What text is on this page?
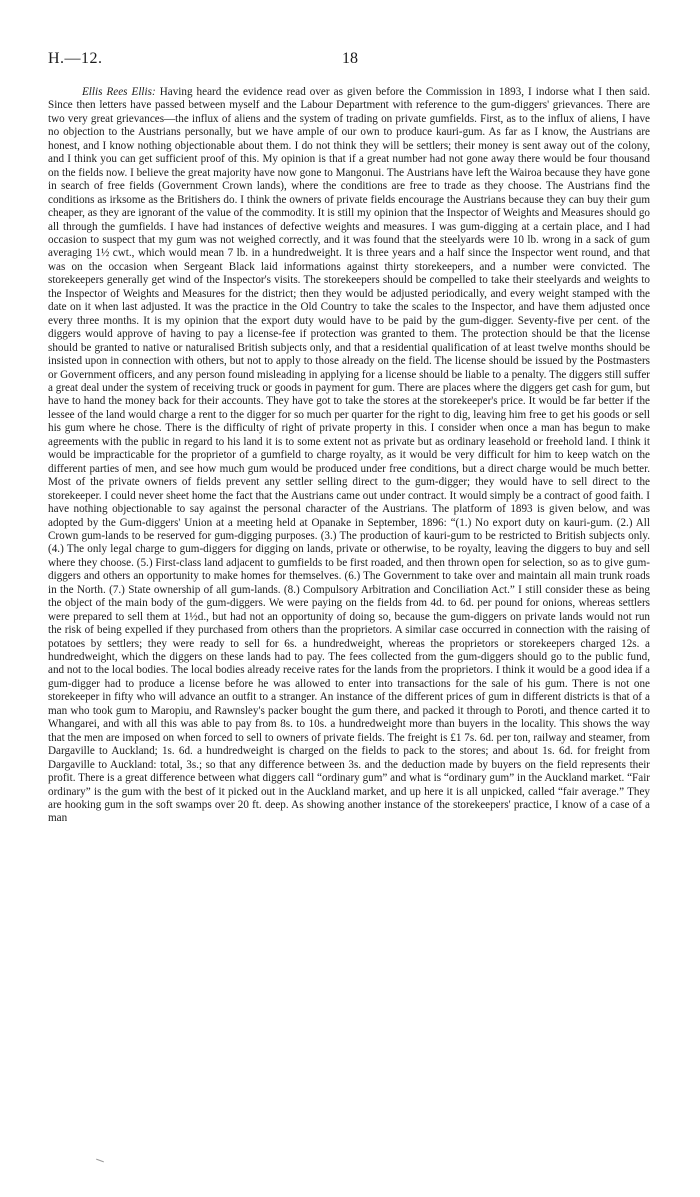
H.—12.	18

Ellis Rees Ellis: Having heard the evidence read over as given before the Commission in 1893, I indorse what I then said. Since then letters have passed between myself and the Labour Department with reference to the gum-diggers' grievances. There are two very great grievances—the influx of aliens and the system of trading on private gumfields. First, as to the influx of aliens, I have no objection to the Austrians personally, but we have ample of our own to produce kauri-gum. As far as I know, the Austrians are honest, and I know nothing objectionable about them. I do not think they will be settlers; their money is sent away out of the colony, and I think you can get sufficient proof of this. My opinion is that if a great number had not gone away there would be four thousand on the fields now. I believe the great majority have now gone to Mangonui. The Austrians have left the Wairoa because they have gone in search of free fields (Government Crown lands), where the conditions are free to trade as they choose. The Austrians find the conditions as irksome as the Britishers do. I think the owners of private fields encourage the Austrians because they can buy their gum cheaper, as they are ignorant of the value of the commodity. It is still my opinion that the Inspector of Weights and Measures should go all through the gumfields. I have had instances of defective weights and measures. I was gum-digging at a certain place, and I had occasion to suspect that my gum was not weighed correctly, and it was found that the steelyards were 10 lb. wrong in a sack of gum averaging 1½ cwt., which would mean 7 lb. in a hundredweight. It is three years and a half since the Inspector went round, and that was on the occasion when Sergeant Black laid informations against thirty storekeepers, and a number were convicted. The storekeepers generally get wind of the Inspector's visits. The storekeepers should be compelled to take their steelyards and weights to the Inspector of Weights and Measures for the district; then they would be adjusted periodically, and every weight stamped with the date on it when last adjusted. It was the practice in the Old Country to take the scales to the Inspector, and have them adjusted once every three months. It is my opinion that the export duty would have to be paid by the gum-digger. Seventy-five per cent. of the diggers would approve of having to pay a license-fee if protection was granted to them. The protection should be that the license should be granted to native or naturalised British subjects only, and that a residential qualification of at least twelve months should be insisted upon in connection with others, but not to apply to those already on the field. The license should be issued by the Postmasters or Government officers, and any person found misleading in applying for a license should be liable to a penalty. The diggers still suffer a great deal under the system of receiving truck or goods in payment for gum. There are places where the diggers get cash for gum, but have to hand the money back for their accounts. They have got to take the stores at the storekeeper's price. It would be far better if the lessee of the land would charge a rent to the digger for so much per quarter for the right to dig, leaving him free to get his goods or sell his gum where he chose. There is the difficulty of right of private property in this. I consider when once a man has begun to make agreements with the public in regard to his land it is to some extent not as private but as ordinary leasehold or freehold land. I think it would be impracticable for the proprietor of a gumfield to charge royalty, as it would be very difficult for him to keep watch on the different parties of men, and see how much gum would be produced under free conditions, but a direct charge would be much better. Most of the private owners of fields prevent any settler selling direct to the gum-digger; they would have to sell direct to the storekeeper. I could never sheet home the fact that the Austrians came out under contract. It would simply be a contract of good faith. I have nothing objectionable to say against the personal character of the Austrians. The platform of 1893 is given below, and was adopted by the Gum-diggers' Union at a meeting held at Opanake in September, 1896: “(1.) No export duty on kauri-gum. (2.) All Crown gum-lands to be reserved for gum-digging purposes. (3.) The production of kauri-gum to be restricted to British subjects only. (4.) The only legal charge to gum-diggers for digging on lands, private or otherwise, to be royalty, leaving the diggers to buy and sell where they choose. (5.) First-class land adjacent to gumfields to be first roaded, and then thrown open for selection, so as to give gum-diggers and others an opportunity to make homes for themselves. (6.) The Government to take over and maintain all main trunk roads in the North. (7.) State ownership of all gum-lands. (8.) Compulsory Arbitration and Conciliation Act.” I still consider these as being the object of the main body of the gum-diggers. We were paying on the fields from 4d. to 6d. per pound for onions, whereas settlers were prepared to sell them at 1½d., but had not an opportunity of doing so, because the gum-diggers on private lands would not run the risk of being expelled if they purchased from others than the proprietors. A similar case occurred in connection with the raising of potatoes by settlers; they were ready to sell for 6s. a hundredweight, whereas the proprietors or storekeepers charged 12s. a hundredweight, which the diggers on these lands had to pay. The fees collected from the gum-diggers should go to the public fund, and not to the local bodies. The local bodies already receive rates for the lands from the proprietors. I think it would be a good idea if a gum-digger had to produce a license before he was allowed to enter into transactions for the sale of his gum. There is not one storekeeper in fifty who will advance an outfit to a stranger. An instance of the different prices of gum in different districts is that of a man who took gum to Maropiu, and Rawnsley's packer bought the gum there, and packed it through to Poroti, and thence carted it to Whangarei, and with all this was able to pay from 8s. to 10s. a hundredweight more than buyers in the locality. This shows the way that the men are imposed on when forced to sell to owners of private fields. The freight is £1 7s. 6d. per ton, railway and steamer, from Dargaville to Auckland; 1s. 6d. a hundredweight is charged on the fields to pack to the stores; and about 1s. 6d. for freight from Dargaville to Auckland: total, 3s.; so that any difference between 3s. and the deduction made by buyers on the field represents their profit. There is a great difference between what diggers call “ordinary gum” and what is “ordinary gum” in the Auckland market. “Fair ordinary” is the gum with the best of it picked out in the Auckland market, and up here it is all unpicked, called “fair average.” They are hooking gum in the soft swamps over 20 ft. deep. As showing another instance of the storekeepers' practice, I know of a case of a man
